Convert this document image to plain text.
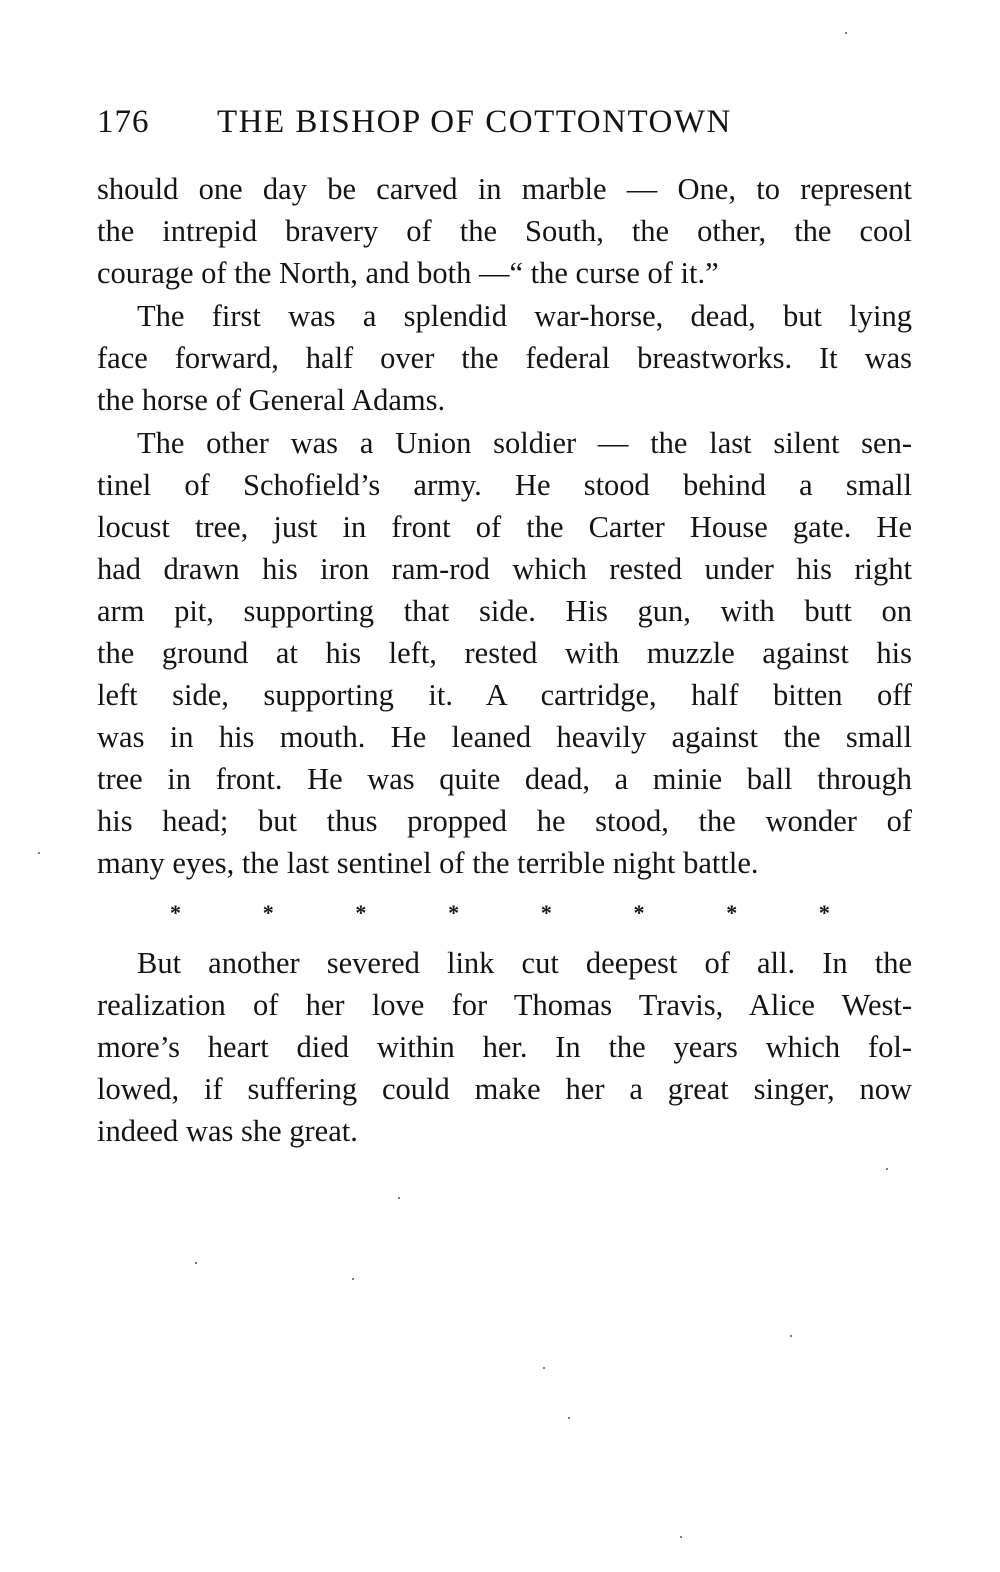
176 THE BISHOP OF COTTONTOWN
should one day be carved in marble — One, to represent
the intrepid bravery of the South, the other, the cool
courage of the North, and both —“ the curse of it.”
The first was a splendid war-horse, dead, but lying
face forward, half over the federal breastworks. It was
the horse of General Adams.
The other was a Union soldier — the last silent sen-
tinel of Schofield’s army. He stood behind a small
locust tree, just in front of the Carter House gate. He
had drawn his iron ram-rod which rested under his right
arm pit, supporting that side. His gun, with butt on
the ground at his left, rested with muzzle against his
left side, supporting it. A cartridge, half bitten off
was in his mouth. He leaned heavily against the small
tree in front. He was quite dead, a minie ball through
his head; but thus propped he stood, the wonder of
many eyes, the last sentinel of the terrible night battle.
*	*	*	*	*	*	*	*
But another severed link cut deepest of all. In the
realization of her love for Thomas Travis, Alice West-
more’s heart died within her. In the years which fol-
lowed, if suffering could make her a great singer, now
indeed was she great.
